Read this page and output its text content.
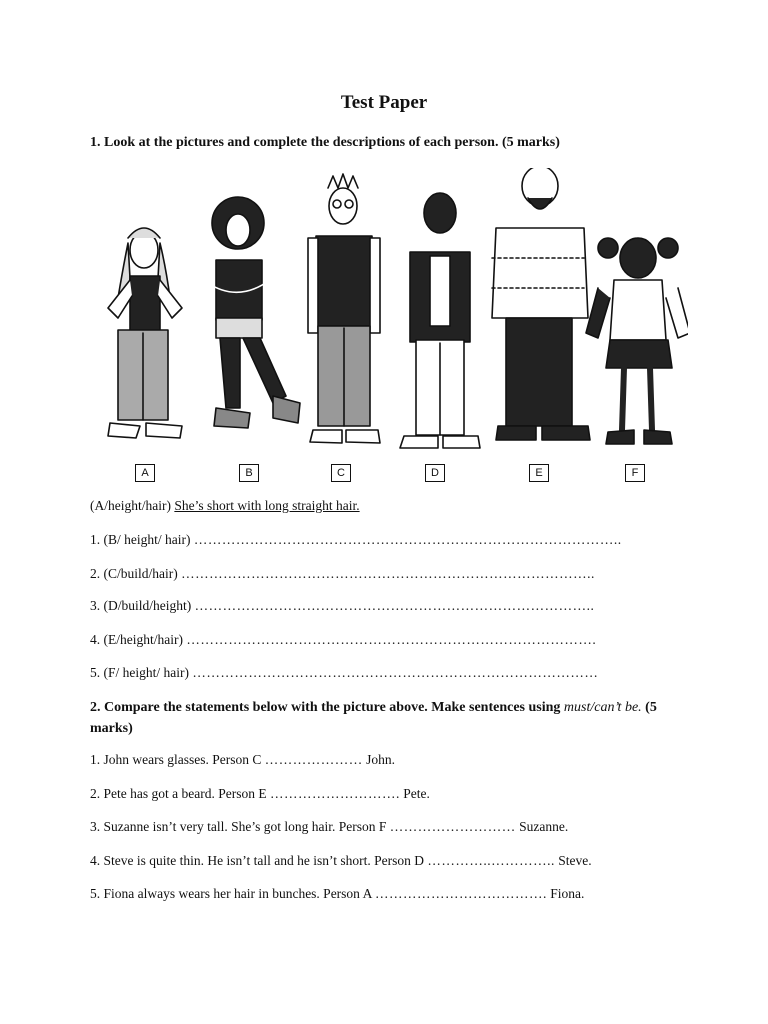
Test Paper
1. Look at the pictures and complete the descriptions of each person. (5 marks)
A	B	C	D	E	F
(A/height/hair) She’s short with long straight hair.
1. (B/ height/ hair) ………………………………………………………………………………..
2. (C/build/hair) ……………………………………………………………………………..
3. (D/build/height) …………………………………………………………………………..
4. (E/height/hair) …………………………………………………………………………….
5. (F/ height/ hair) ……………………………………………………………………………
2. Compare the statements below with the picture above. Make sentences using must/can’t be. (5 marks)
1. John wears glasses. Person C ………………… John.
2. Pete has got a beard. Person E ………………………. Pete.
3. Suzanne isn’t very tall. She’s got long hair. Person F ……………………… Suzanne.
4. Steve is quite thin. He isn’t tall and he isn’t short. Person D …………..………….. Steve.
5. Fiona always wears her hair in bunches. Person A ………………………………. Fiona.
